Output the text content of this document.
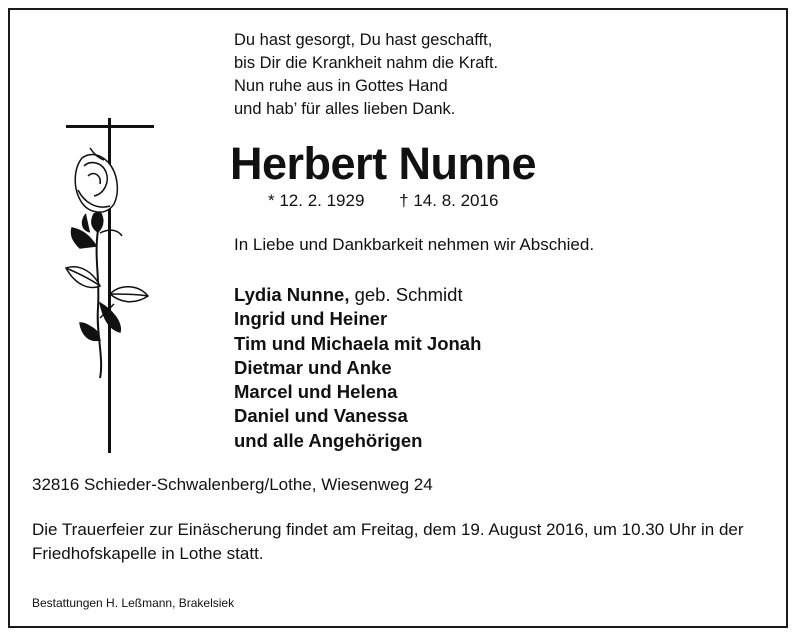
Du hast gesorgt, Du hast geschafft,
bis Dir die Krankheit nahm die Kraft.
Nun ruhe aus in Gottes Hand
und hab’ für alles lieben Dank.
Herbert Nunne
* 12. 2. 1929 † 14. 8. 2016
In Liebe und Dankbarkeit nehmen wir Abschied.
Lydia Nunne, geb. Schmidt
Ingrid und Heiner
Tim und Michaela mit Jonah
Dietmar und Anke
Marcel und Helena
Daniel und Vanessa
und alle Angehörigen
32816 Schieder-Schwalenberg/Lothe, Wiesenweg 24
Die Trauerfeier zur Einäscherung findet am Freitag, dem 19. August 2016, um 10.30 Uhr in der Friedhofskapelle in Lothe statt.
Bestattungen H. Leßmann, Brakelsiek
